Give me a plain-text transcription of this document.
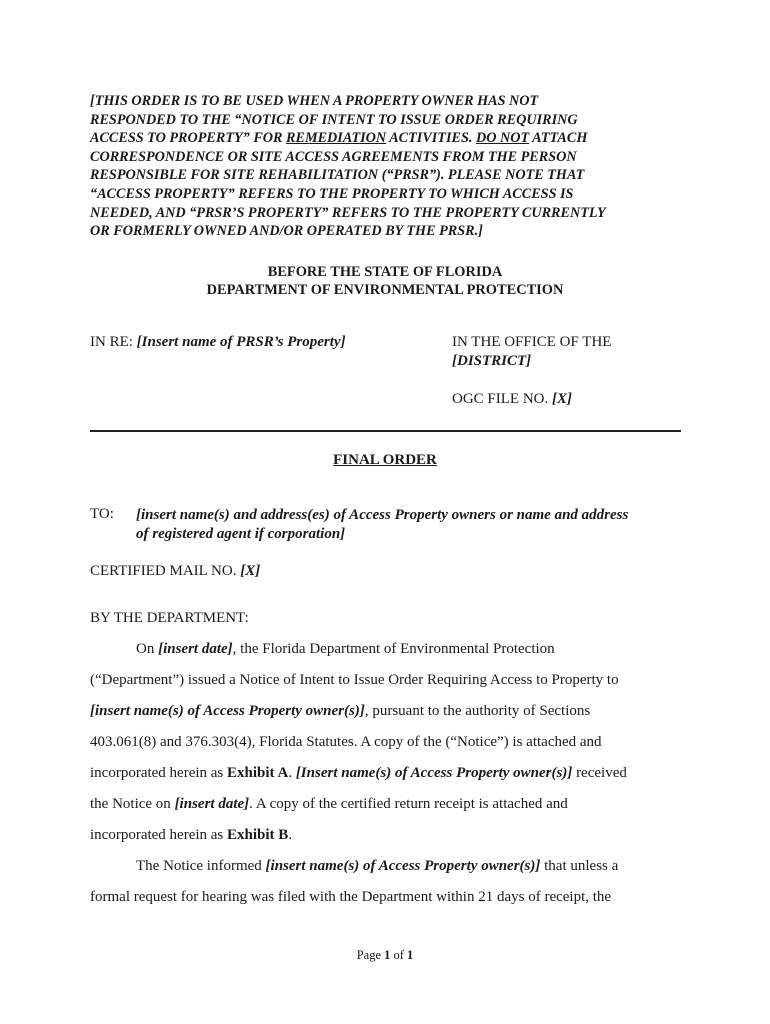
[THIS ORDER IS TO BE USED WHEN A PROPERTY OWNER HAS NOT
RESPONDED TO THE “NOTICE OF INTENT TO ISSUE ORDER REQUIRING
ACCESS TO PROPERTY” FOR REMEDIATION ACTIVITIES. DO NOT ATTACH
CORRESPONDENCE OR SITE ACCESS AGREEMENTS FROM THE PERSON
RESPONSIBLE FOR SITE REHABILITATION (“PRSR”). PLEASE NOTE THAT
“ACCESS PROPERTY” REFERS TO THE PROPERTY TO WHICH ACCESS IS
NEEDED, AND “PRSR’S PROPERTY” REFERS TO THE PROPERTY CURRENTLY
OR FORMERLY OWNED AND/OR OPERATED BY THE PRSR.]

BEFORE THE STATE OF FLORIDA

DEPARTMENT OF ENVIRONMENTAL PROTECTION

IN RE: [Insert name of PRSR’s Property]	IN THE OFFICE OF THE
[DISTRICT]
OGC FILE NO. [X]
FINAL ORDER
TO: [insert name(s) and address(es) of Access Property owners or name and address
of registered agent if corporation]
CERTIFIED MAIL NO. [X]
BY THE DEPARTMENT:
On [insert date], the Florida Department of Environmental Protection
(“Department”) issued a Notice of Intent to Issue Order Requiring Access to Property to
[insert name(s) of Access Property owner(s)], pursuant to the authority of Sections
403.061(8) and 376.303(4), Florida Statutes. A copy of the (“Notice”) is attached and
incorporated herein as Exhibit A. [Insert name(s) of Access Property owner(s)] received
the Notice on [insert date]. A copy of the certified return receipt is attached and
incorporated herein as Exhibit B.
The Notice informed [insert name(s) of Access Property owner(s)] that unless a
formal request for hearing was filed with the Department within 21 days of receipt, the
Page 1 of 1
